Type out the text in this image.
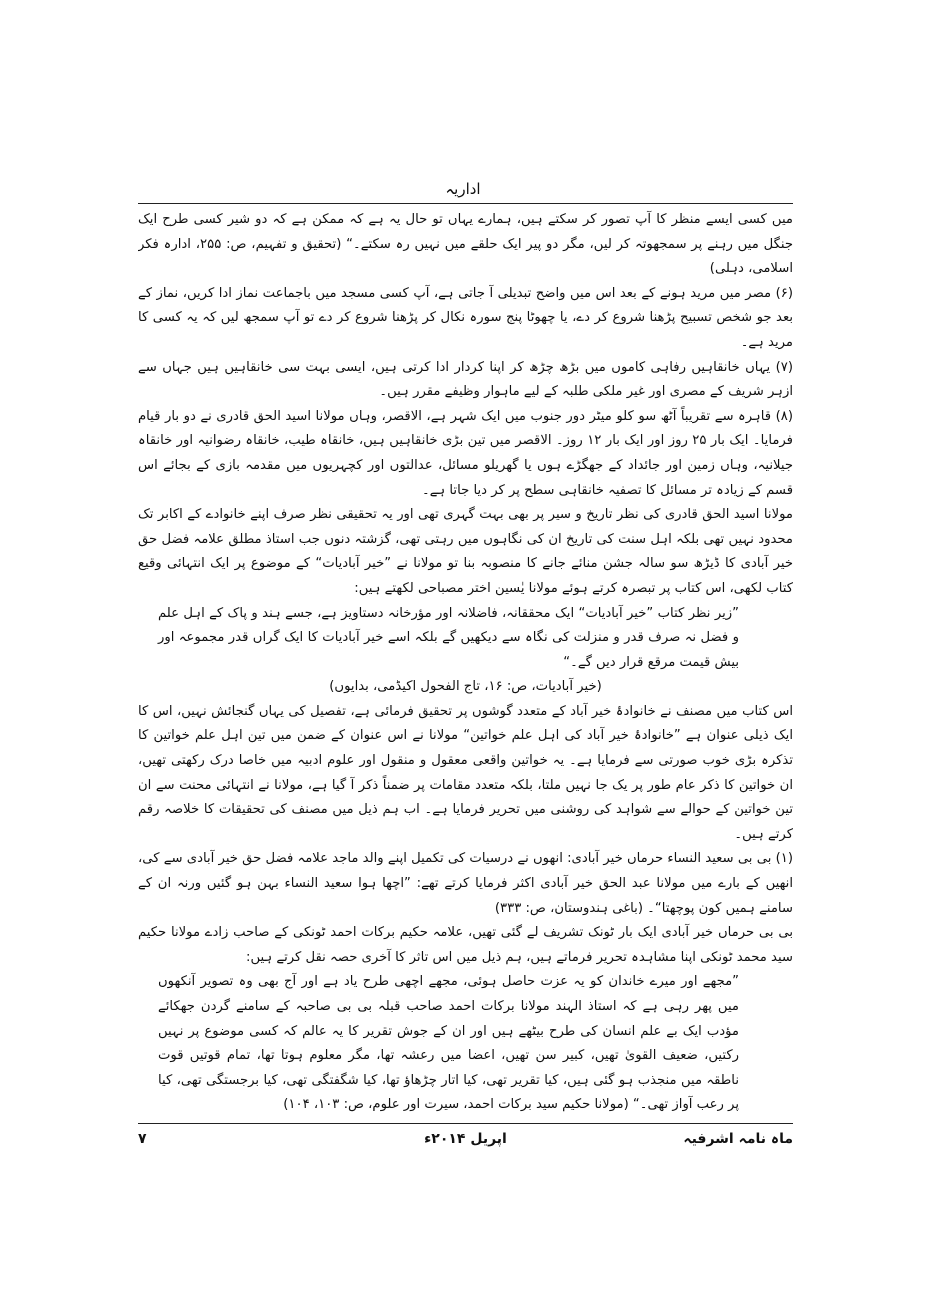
اداریہ

میں کسی ایسے منظر کا آپ تصور کر سکتے ہیں، ہمارے یہاں تو حال یہ ہے کہ ممکن ہے کہ دو شیر کسی طرح ایک جنگل میں رہنے پر سمجھوتہ کر لیں، مگر دو پیر ایک حلقے میں نہیں رہ سکتے۔“ (تحقیق و تفہیم، ص: ۲۵۵، ادارہ فکر اسلامی، دہلی)

(۶) مصر میں مرید ہونے کے بعد اس میں واضح تبدیلی آ جاتی ہے، آپ کسی مسجد میں باجماعت نماز ادا کریں، نماز کے بعد جو شخص تسبیح پڑھنا شروع کر دے، یا چھوٹا پنج سورہ نکال کر پڑھنا شروع کر دے تو آپ سمجھ لیں کہ یہ کسی کا مرید ہے۔

(۷) یہاں خانقاہیں رفاہی کاموں میں بڑھ چڑھ کر اپنا کردار ادا کرتی ہیں، ایسی بہت سی خانقاہیں ہیں جہاں سے ازہر شریف کے مصری اور غیر ملکی طلبہ کے لیے ماہوار وظیفے مقرر ہیں۔

(۸) قاہرہ سے تقریباً آٹھ سو کلو میٹر دور جنوب میں ایک شہر ہے، الاقصر، وہاں مولانا اسید الحق قادری نے دو بار قیام فرمایا۔ ایک بار ۲۵ روز اور ایک بار ۱۲ روز۔ الاقصر میں تین بڑی خانقاہیں ہیں، خانقاہ طیب، خانقاہ رضوانیہ اور خانقاہ جیلانیہ، وہاں زمین اور جائداد کے جھگڑے ہوں یا گھریلو مسائل، عدالتوں اور کچہریوں میں مقدمہ بازی کے بجائے اس قسم کے زیادہ تر مسائل کا تصفیہ خانقاہی سطح پر کر دیا جاتا ہے۔

مولانا اسید الحق قادری کی نظر تاریخ و سیر پر بھی بہت گہری تھی اور یہ تحقیقی نظر صرف اپنے خانوادے کے اکابر تک محدود نہیں تھی بلکہ اہل سنت کی تاریخ ان کی نگاہوں میں رہتی تھی، گزشتہ دنوں جب استاذ مطلق علامہ فضل حق خیر آبادی کا ڈیڑھ سو سالہ جشن منائے جانے کا منصوبہ بنا تو مولانا نے ”خیر آبادیات“ کے موضوع پر ایک انتہائی وقیع کتاب لکھی، اس کتاب پر تبصرہ کرتے ہوئے مولانا یٰسین اختر مصباحی لکھتے ہیں:

”زیر نظر کتاب ”خیر آبادیات“ ایک محققانہ، فاضلانہ اور مؤرخانہ دستاویز ہے، جسے ہند و پاک کے اہل علم و فضل نہ صرف قدر و منزلت کی نگاہ سے دیکھیں گے بلکہ اسے خیر آبادیات کا ایک گراں قدر مجموعہ اور بیش قیمت مرقع قرار دیں گے۔“

(خیر آبادیات، ص: ۱۶، تاج الفحول اکیڈمی، بدایوں)

اس کتاب میں مصنف نے خانوادۂ خیر آباد کے متعدد گوشوں پر تحقیق فرمائی ہے، تفصیل کی یہاں گنجائش نہیں، اس کا ایک ذیلی عنوان ہے ”خانوادۂ خیر آباد کی اہل علم خواتین“ مولانا نے اس عنوان کے ضمن میں تین اہل علم خواتین کا تذکرہ بڑی خوب صورتی سے فرمایا ہے۔ یہ خواتین واقعی معقول و منقول اور علوم ادبیہ میں خاصا درک رکھتی تھیں، ان خواتین کا ذکر عام طور پر یک جا نہیں ملتا، بلکہ متعدد مقامات پر ضمناً ذکر آ گیا ہے، مولانا نے انتہائی محنت سے ان تین خواتین کے حوالے سے شواہد کی روشنی میں تحریر فرمایا ہے۔ اب ہم ذیل میں مصنف کی تحقیقات کا خلاصہ رقم کرتے ہیں۔

(۱) بی بی سعید النساء حرماں خیر آبادی: انھوں نے درسیات کی تکمیل اپنے والد ماجد علامہ فضل حق خیر آبادی سے کی، انھیں کے بارے میں مولانا عبد الحق خیر آبادی اکثر فرمایا کرتے تھے: ”اچھا ہوا سعید النساء بہن ہو گئیں ورنہ ان کے سامنے ہمیں کون پوچھتا“۔ (باغی ہندوستان، ص: ۳۳۳)

بی بی حرماں خیر آبادی ایک بار ٹونک تشریف لے گئی تھیں، علامہ حکیم برکات احمد ٹونکی کے صاحب زادے مولانا حکیم سید محمد ٹونکی اپنا مشاہدہ تحریر فرماتے ہیں، ہم ذیل میں اس تاثر کا آخری حصہ نقل کرتے ہیں:

”مجھے اور میرے خاندان کو یہ عزت حاصل ہوئی، مجھے اچھی طرح یاد ہے اور آج بھی وہ تصویر آنکھوں میں پھر رہی ہے کہ استاذ الہند مولانا برکات احمد صاحب قبلہ بی بی صاحبہ کے سامنے گردن جھکائے مؤدب ایک بے علم انسان کی طرح بیٹھے ہیں اور ان کے جوش تقریر کا یہ عالم کہ کسی موضوع پر نہیں رکتیں، ضعیف القویٰ تھیں، کبیر سن تھیں، اعضا میں رعشہ تھا، مگر معلوم ہوتا تھا، تمام قوتیں قوت ناطقہ میں منجذب ہو گئی ہیں، کیا تقریر تھی، کیا اتار چڑھاؤ تھا، کیا شگفتگی تھی، کیا برجستگی تھی، کیا پر رعب آواز تھی۔“ (مولانا حکیم سید برکات احمد، سیرت اور علوم، ص: ۱۰۳، ۱۰۴)

ماہ نامہ اشرفیہ
اپریل ۲۰۱۴ء
۷
